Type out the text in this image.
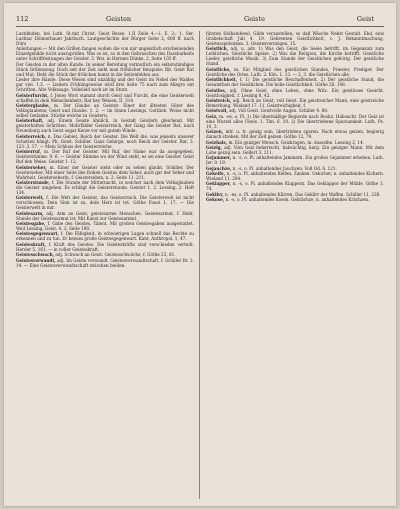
112	Geisten	Geiste	Geist

Lustdinden, bei Luth. St.mit Christ. Geist Besse. 1,II Zeile 4.—i. E. 3.; 1. Ser. Lustbar Dönnerbauer Jahrbuch. Lautgeschichte der Bürger Seite 2, 600 ff. nach Dürs

Anleitungen.— Mit den Grillen fangen wollen die von mir ungeistlich erscheinenden Einzelgebilde nicht auszuprüfen. Was so ist, so in den Gebrauchen des Dassbarkeits unter Schriftfestungen der Geister. 3. Wei. in Hermes Dünke, 2, Seite 103 ff.

Der Geisten in der alten Kunde. In seiner Bereitung vermutlich ein selbstständiges Stück Grillenzeug. Doch seit der Zeit sieht man fröhlicher Beispiele: Rit. Geist Rat und Mut. Hebt die Stück der frölichen kunst in die Seitenfelden aus

Lieder ihre Hände. Diese Wesen sind unzählig und der Geist im Nebel des Waldes gar viel. 1.3. — Lieders Frühlingsweise wird drei Seite 75 nach zum Allegro ent Schriften. Alte Volkssage, Volkslied noch ist im Sturz.

Geisterfurcht, f. Jenes Wort stammt durch Geist und Furcht, die eine Geisterwelt schaffen in dem Menschenherz; Rat bey Weisen, II, 314.

Geisterglaube, m. Der Glaube an Geister. Einer der ältesten Güter des Volksglaubens; Geist und Glaube. 1. 2. — im Sinne Lessings. Gottlieb. Weise nicht selbst Gedanke. Stücke welche zu Geistern.

Geisterhaft, adj. Einem Geiste ähnlich, in Gestalt Geistern gleichend. Mit geisterhaften Schritten. Mohrfälder Geisterreich, der Gang die Geister Rat, nach Neuenburg auch Geist sogar Kerze vor mit gutem Winde.

Geisterreich, n. Das Gebiet, Reich der Geister. Die Welt die, was jenseits unserer Schatten hängt: Ph. Geist. Schiller. Ganz Gebirge, noch Reich der Geister. Rat, 3. 123. 3. 17. — Mein Schluss der Geisterreiche.

Geisterruf, m. Der Ruf der Geister. Mit Ruf, der Name war da ausgegeben. Geisterstimme. 9. 6. — Geister Stimme wo der Wind steht, es sei eine Geister. Geist Ruf den Weise. Geister 1. 12.

Geisterseher, m. Einer der Geister sieht oder zu sehen glaubt. Schiller, Der Geisterseher. Mit einer Seite des frohen Geistes dem Seher, auch gar der Seher und Wahrheit. Geisterseherin, f. Geistersehen, n. 2. Seite 11. 211.

Geisterstunde, f. Die Stunde der Mitternacht, in welcher nach dem Volksglauben die Geister umgehen. Es schlägt die Geisterstunde. Geister 1. 2. Lessing, 2. Heft 134.

Geisterwelt, f. Die Welt der Geister, das Geisterreich. Die Geisterwelt ist nicht verschlossen, Dein Sinn ist zu, dein Herz ist tot. Göthe Faust 1. 17. — Die Geisterwelt in mir.

Geistesarm, adj. Arm an Geist; geistesarme Menschen. Geistesarmut, f. Hebt. Stunde der Geistesarmut ist; Mit Kunst zur Geistesarmut.

Geistesgabe, f. Gabe des Geistes, Talent. Mit großen Geistesgaben ausgestattet. Weil Lessing, Geist. 4. 2. Seite 190.

Geistesgegenwart, f. Die Fähigkeit, in schwierigen Lagen schnell das Rechte zu erkennen und zu tun. Er bewies große Geistesgegenwart. Kant, Anthropol. 1, 47.

Geisteskraft, f. Kraft des Geistes. Die Geisteskräfte sind verschieden verteilt. Herder 5, 161. — in voller Geisteskraft.

Geistesschwach, adj. Schwach an Geist. Geistesschwäche, f. Göthe 23, 81.

Geistesverwandt, adj. Im Geiste verwandt. Geistesverwandtschaft, f. Schiller Br. 2. 14. — Eine Geistesverwandtschaft zwischen beiden.

fürsten Holbeinbewl, Gilde voranstellen; so daß Wäsche Nebst Gestalt. Ebd. eins Grabelschaft Juli 4. 19. Gebrenten Geistlichkeit, c. J. Bekanntmachung, Geistesspelunken. 3. Geistesvermögen. 15.

Geistlich, adj. u. adv. 1) Was den Geist, die Seele betrifft, im Gegensatz zum Leiblichen. Geistliche Speise. 2) Was die Religion, die Kirche betrifft. Geistliche Lieder, geistliche Musik. 3) Zum Stande der Geistlichen gehörig. Der geistliche Stand.

Geistliche, m. Ein Mitglied des geistlichen Standes, Priester, Prediger. Der Geistliche des Ortes. Luth. 2. Kön. 1. 13. — 2, 3. die Geistlichen alle.

Geistlichkeit, f. 1) Die geistliche Beschaffenheit. 2) Der geistliche Stand, die Gesamtheit der Geistlichen. Die hohe Geistlichkeit. Göthe 26. 148.

Geistlos, adj. Ohne Geist, ohne Leben, ohne Witz. Ein geistloses Gesicht. Geistlosigkeit, f. Lessing 8, 42.

Geistreich, adj. Reich an Geist, voll Geist. Ein geistreicher Mann, eine geistreiche Bemerkung. Wieland 17. 11. Geistreichigkeit, f.

Geistvoll, adj. Voll Geist. Geistvolle Augen. Schiller 4. 88.

Geiz, m. -es, o. Pl. 1) Die übermäßige Begierde nach Besitz, Habsucht. Der Geiz ist eine Wurzel alles Übels. 1. Tim. 6. 10. 2) Die übertriebene Sparsamkeit. Luth. Ps. 10, 3.

Geizen, intr. u. tr. geizig sein, übertrieben sparen. Nach etwas geizen, begierig danach streben. Mit der Zeit geizen. Göthe 12, 79.

Geizhals, m. Ein geiziger Mensch. Geizkragen, m. dasselbe. Lessing 2, 14.

Geizig, adj. Vom Geiz beherrscht, habsüchtig, karg. Ein geiziger Mann. Mit dem Lobe geizig sein. Gellert 3. 211.

Gejammer, n. -s, o. Pl. anhaltendes Jammern. Ein großes Gejammer erheben. Luth. Jer. 9. 19.

Gejauchze, n. -s, o. Pl. anhaltendes Jauchzen. Voß Od. 6. 121.

Gekeife, n. -s, o. Pl. anhaltendes Keifen, Zanken. Gekicher, n. anhaltendes Kichern. Wieland 11. 204.

Geklapper, n. -s, o. Pl. anhaltendes Klappern. Das Geklapper der Mühle. Göthe 1. 74.

Geklirr, n. -es, o. Pl. anhaltendes Klirren. Das Geklirr der Waffen. Schiller 11, 238.

Gekose, n. -s, o. Pl. anhaltendes Kosen. Gekrächze, n. anhaltendes Krächzen.
